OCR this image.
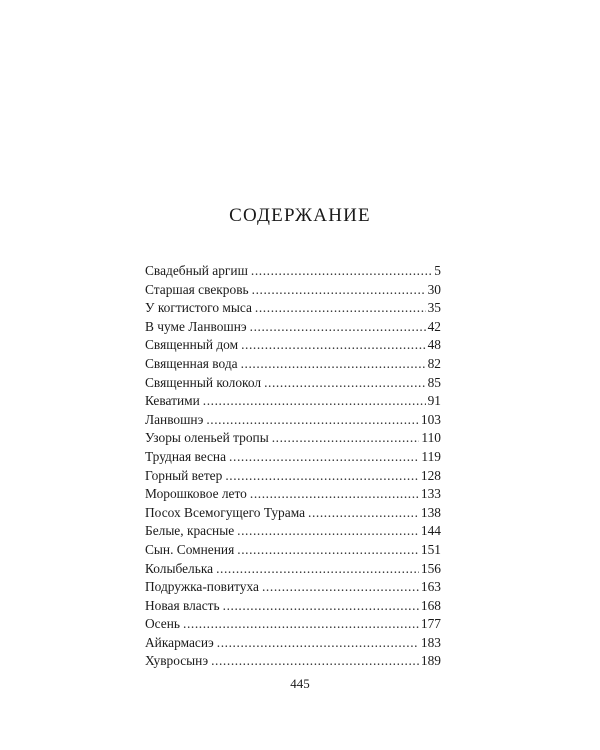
СОДЕРЖАНИЕ
Свадебный аргиш .....	5
Старшая свекровь .....	30
У когтистого мыса .....	35
В чуме Ланвошнэ .....	42
Священный дом .....	48
Священная вода .....	82
Священный колокол .....	85
Кеватими .....	91
Ланвошнэ .....	103
Узоры оленьей тропы .....	110
Трудная весна .....	119
Горный ветер .....	128
Морошковое лето .....	133
Посох Всемогущего Турама .....	138
Белые, красные .....	144
Сын. Сомнения .....	151
Колыбелька .....	156
Подружка-повитуха .....	163
Новая власть .....	168
Осень .....	177
Айкармасиэ .....	183
Хувросынэ .....	189
445
